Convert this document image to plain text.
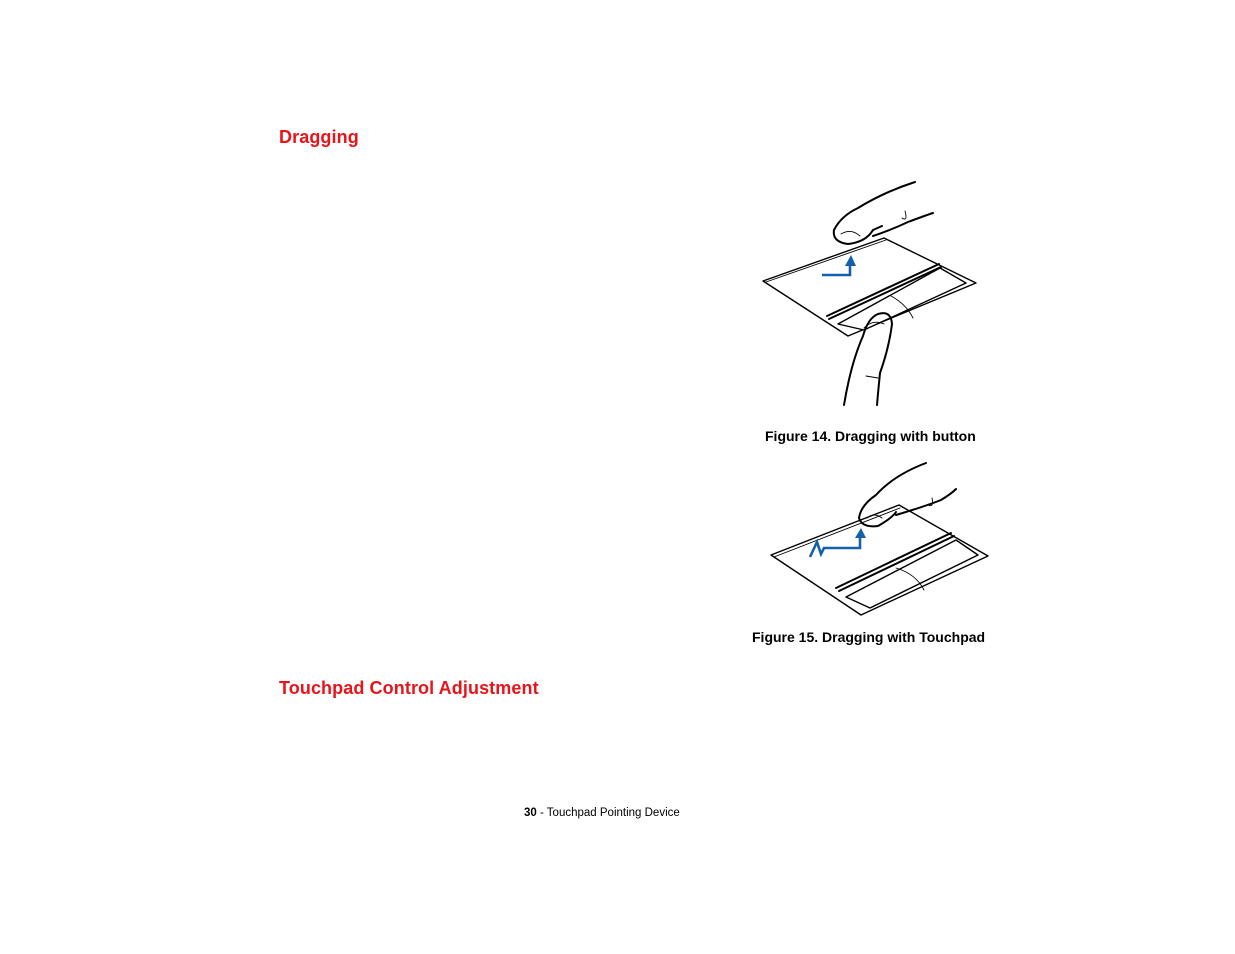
Dragging

Figure 14. Dragging with button

Figure 15. Dragging with Touchpad

Touchpad Control Adjustment
30 - Touchpad Pointing Device
